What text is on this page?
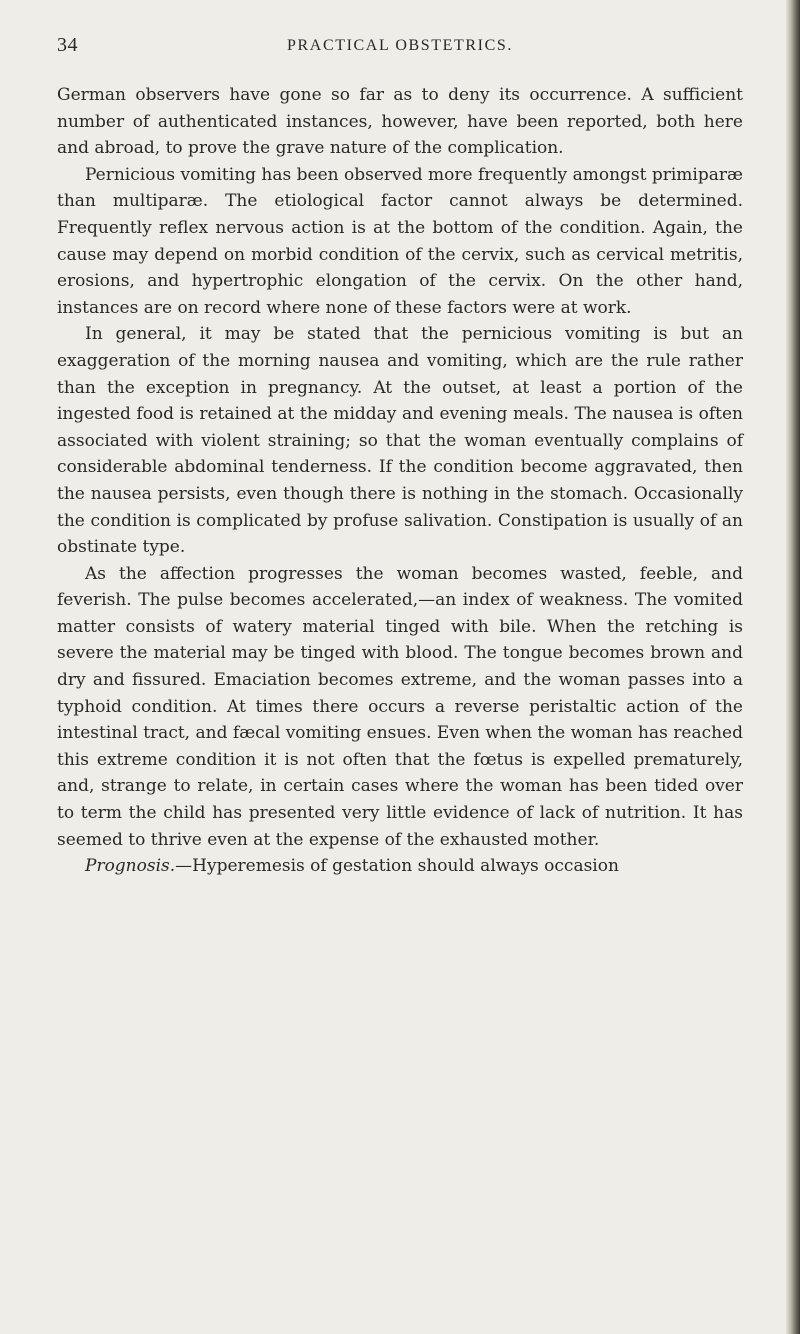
34	PRACTICAL OBSTETRICS.

German observers have gone so far as to deny its occurrence. A sufficient number of authenticated instances, however, have been reported, both here and abroad, to prove the grave nature of the complication.

Pernicious vomiting has been observed more frequently amongst primiparæ than multiparæ. The etiological factor cannot always be determined. Frequently reflex nervous action is at the bottom of the condition. Again, the cause may depend on morbid condition of the cervix, such as cervical metritis, erosions, and hypertrophic elongation of the cervix. On the other hand, instances are on record where none of these factors were at work.

In general, it may be stated that the pernicious vomiting is but an exaggeration of the morning nausea and vomiting, which are the rule rather than the exception in pregnancy. At the outset, at least a portion of the ingested food is retained at the midday and evening meals. The nausea is often associated with violent straining; so that the woman eventually complains of considerable abdominal tenderness. If the condition become aggravated, then the nausea persists, even though there is nothing in the stomach. Occasionally the condition is complicated by profuse salivation. Constipation is usually of an obstinate type.

As the affection progresses the woman becomes wasted, feeble, and feverish. The pulse becomes accelerated,—an index of weakness. The vomited matter consists of watery material tinged with bile. When the retching is severe the material may be tinged with blood. The tongue becomes brown and dry and fissured. Emaciation becomes extreme, and the woman passes into a typhoid condition. At times there occurs a reverse peristaltic action of the intestinal tract, and fæcal vomiting ensues. Even when the woman has reached this extreme condition it is not often that the fœtus is expelled prematurely, and, strange to relate, in certain cases where the woman has been tided over to term the child has presented very little evidence of lack of nutrition. It has seemed to thrive even at the expense of the exhausted mother.

Prognosis.—Hyperemesis of gestation should always occasion
